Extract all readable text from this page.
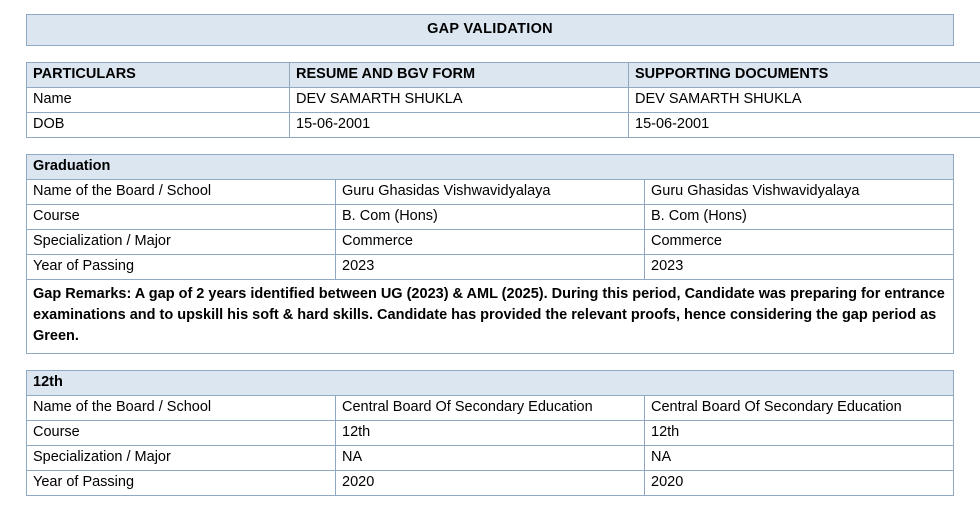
GAP VALIDATION
PARTICULARS	RESUME AND BGV FORM	SUPPORTING DOCUMENTS
Name	DEV SAMARTH SHUKLA	DEV SAMARTH SHUKLA
DOB	15-06-2001	15-06-2001
Graduation		
Name of the Board / School	Guru Ghasidas Vishwavidyalaya	Guru Ghasidas Vishwavidyalaya
Course	B. Com (Hons)	B. Com (Hons)
Specialization / Major	Commerce	Commerce
Year of Passing	2023	2023
Gap Remarks: A gap of 2 years identified between UG (2023) & AML (2025). During this period, Candidate was preparing for entrance examinations and to upskill his soft & hard skills. Candidate has provided the relevant proofs, hence considering the gap period as Green.		
12th		
Name of the Board / School	Central Board Of Secondary Education	Central Board Of Secondary Education
Course	12th	12th
Specialization / Major	NA	NA
Year of Passing	2020	2020
